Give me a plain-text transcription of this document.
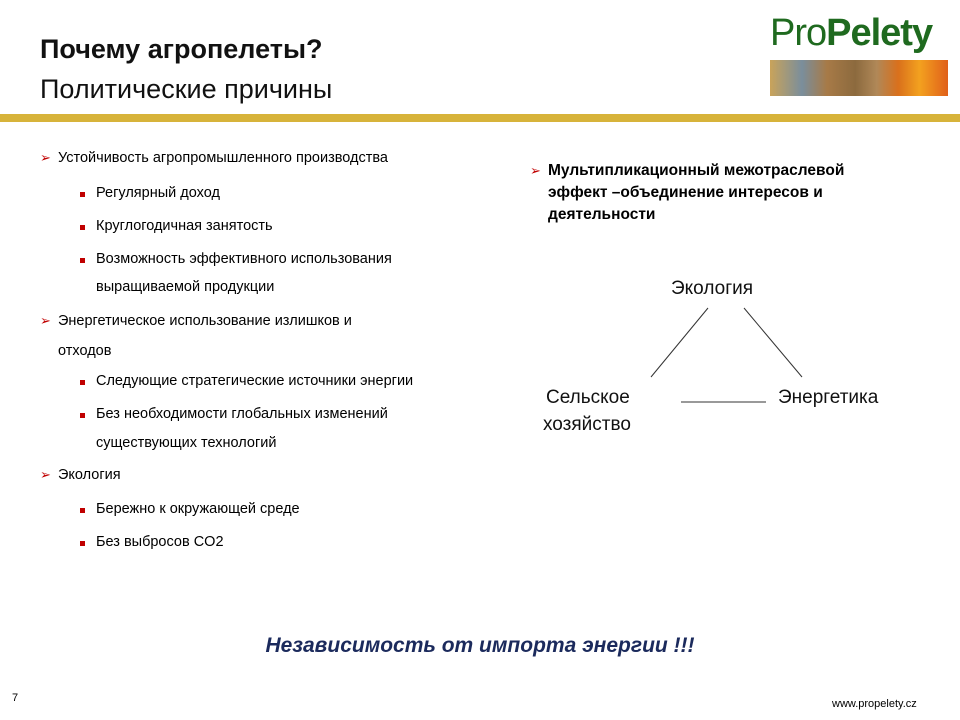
Почему агропелеты?
Политические причины
ProPelety
➢ Устойчивость агропромышленного производства
Регулярный доход
Круглогодичная занятость
Возможность эффективного использования
выращиваемой продукции
➢ Энергетическое использование излишков и
отходов
Следующие стратегические источники энергии
Без необходимости глобальных изменений
существующих технологий
➢ Экология
Бережно к окружающей среде
Без выбросов CO2
➢ Мультипликационный межотраслевой
эффект –объединение интересов и
деятельности
Экология
Сельское
хозяйство
Энергетика
Независимость от импорта энергии !!!
7	www.propelety.cz
